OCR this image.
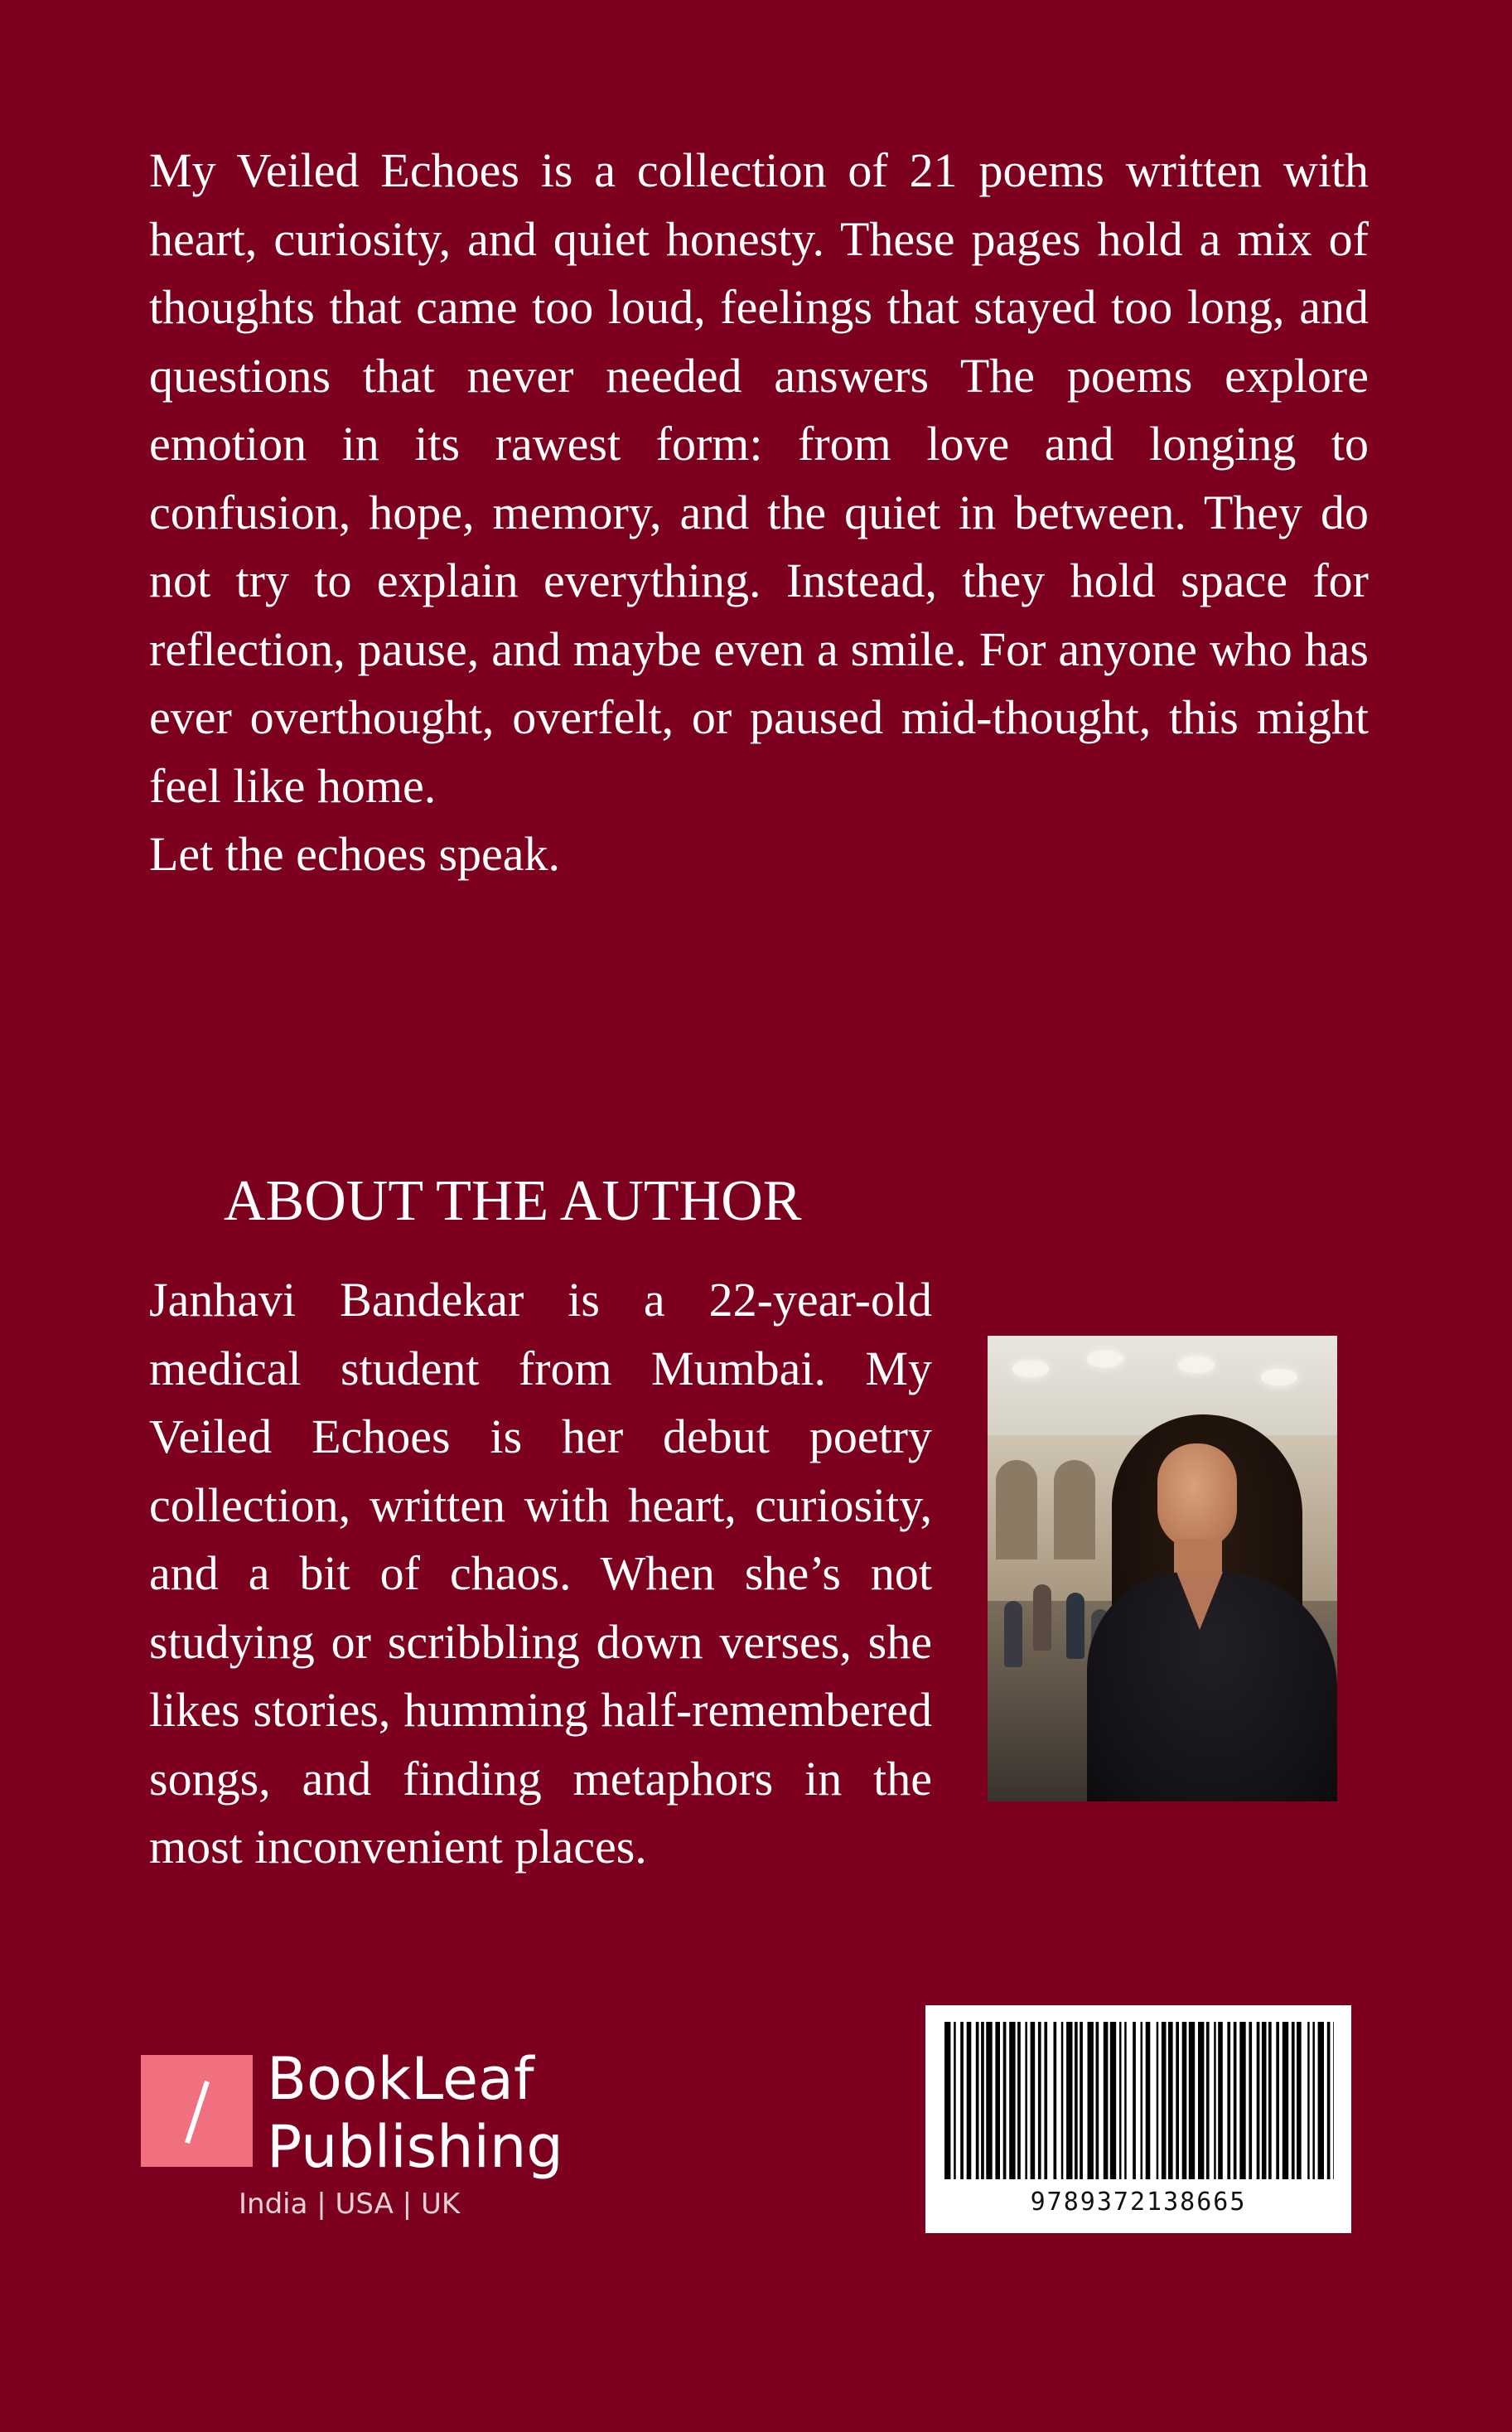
My Veiled Echoes is a collection of 21 poems written with heart, curiosity, and quiet honesty. These pages hold a mix of thoughts that came too loud, feelings that stayed too long, and questions that never needed answers The poems explore emotion in its rawest form: from love and longing to confusion, hope, memory, and the quiet in between. They do not try to explain everything. Instead, they hold space for reflection, pause, and maybe even a smile. For anyone who has ever overthought, overfelt, or paused mid-thought, this might feel like home.

Let the echoes speak.

ABOUT THE AUTHOR

Janhavi Bandekar is a 22-year-old medical student from Mumbai. My Veiled Echoes is her debut poetry collection, written with heart, curiosity, and a bit of chaos. When she’s not studying or scribbling down verses, she likes stories, humming half-remembered songs, and finding metaphors in the most inconvenient places.

BookLeaf
Publishing
India | USA | UK	9789372138665
